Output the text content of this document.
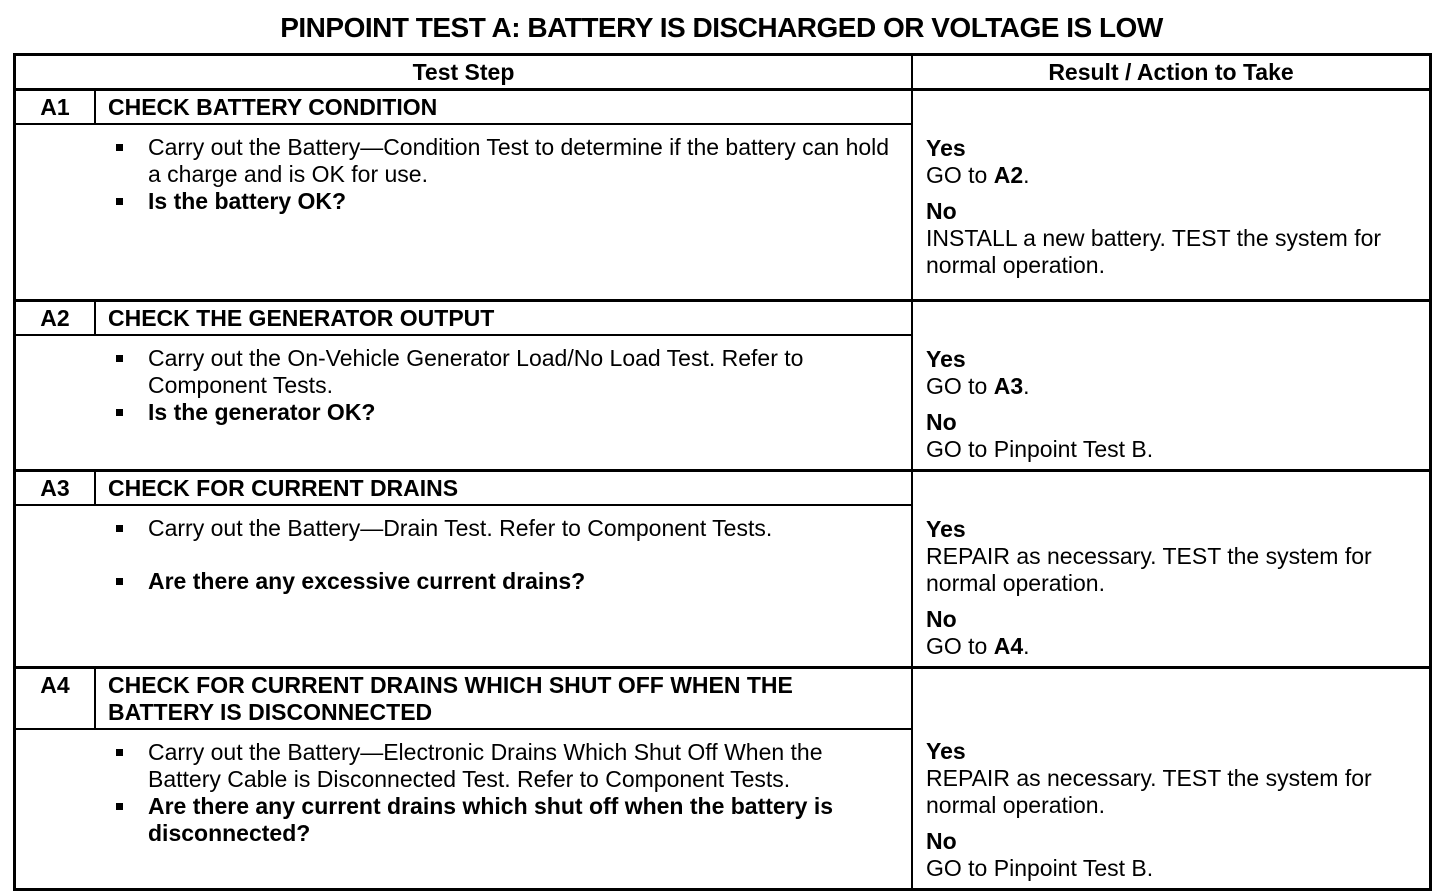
PINPOINT TEST A: BATTERY IS DISCHARGED OR VOLTAGE IS LOW
Test Step	Result / Action to Take
A1	CHECK BATTERY CONDITION
Carry out the Battery—Condition Test to determine if the battery can hold a charge and is OK for use.
Is the battery OK?
Yes
GO to A2.
No
INSTALL a new battery. TEST the system for normal operation.
A2	CHECK THE GENERATOR OUTPUT
Carry out the On-Vehicle Generator Load/No Load Test. Refer to Component Tests.
Is the generator OK?
Yes
GO to A3.
No
GO to Pinpoint Test B.
A3	CHECK FOR CURRENT DRAINS
Carry out the Battery—Drain Test. Refer to Component Tests.
Are there any excessive current drains?
Yes
REPAIR as necessary. TEST the system for normal operation.
No
GO to A4.
A4	CHECK FOR CURRENT DRAINS WHICH SHUT OFF WHEN THE BATTERY IS DISCONNECTED
Carry out the Battery—Electronic Drains Which Shut Off When the Battery Cable is Disconnected Test. Refer to Component Tests.
Are there any current drains which shut off when the battery is disconnected?
Yes
REPAIR as necessary. TEST the system for normal operation.
No
GO to Pinpoint Test B.
